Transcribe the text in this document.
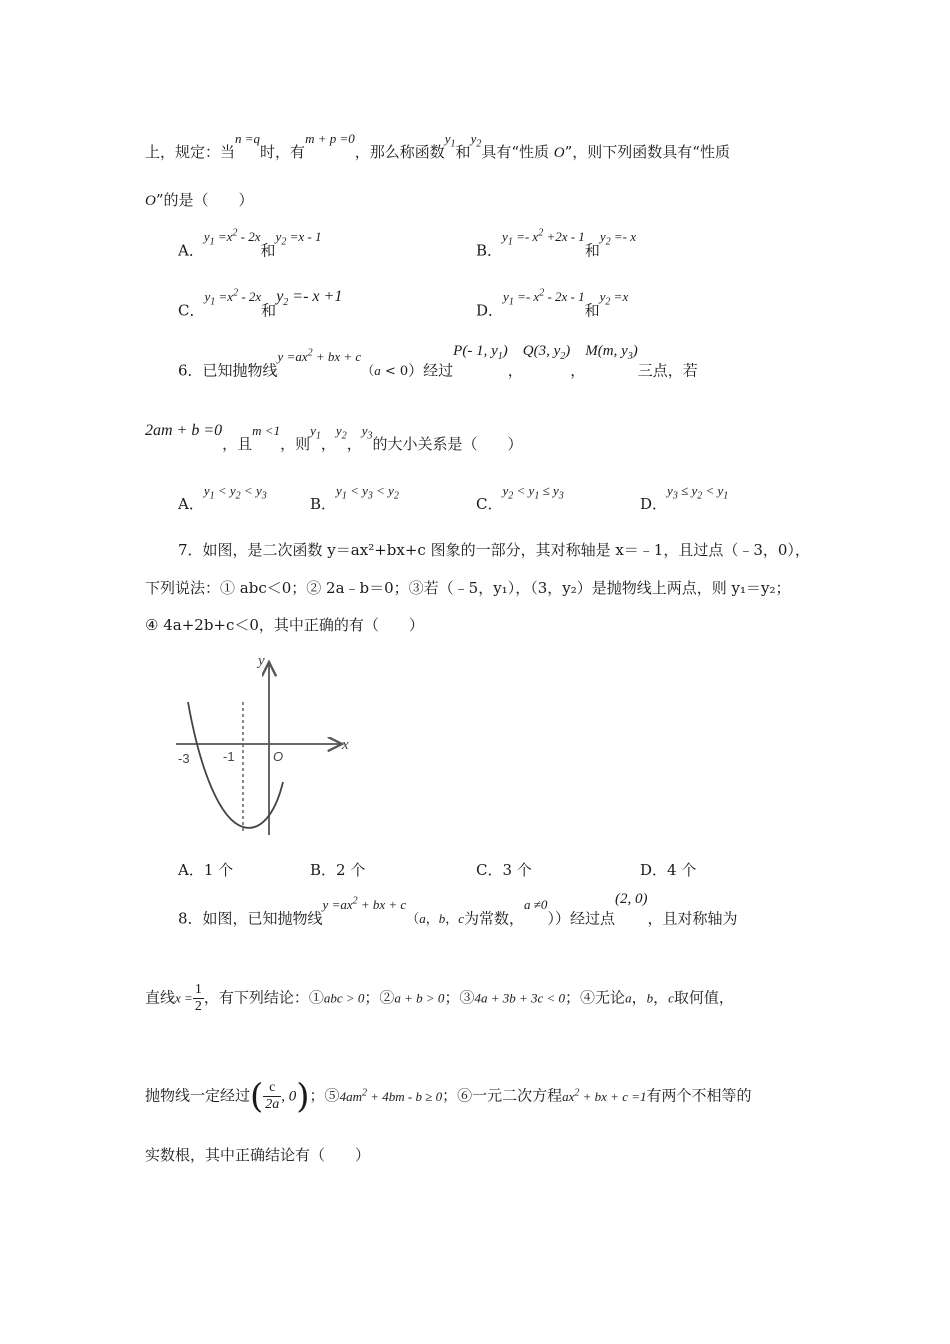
上，规定：当n =q时，有m + p =0，那么称函数$y_1$和$y_2$具有“性质 O”，则下列函数具有“性质
O”的是（　　）
A．$y_1 =x^2 - 2x$和$y_2 =x - 1$
B．$y_1 =- x^2 +2x - 1$和$y_2 =- x$
C．$y_1 =x^2 - 2x$和$y_2 =- x +1$
D．$y_1 =- x^2 - 2x - 1$和$y_2 =x$
6．已知抛物线$y =ax^2$ + bx + c（a < 0）经过P(- 1, $y_1$)，Q(3, $y_2$)，M(m, $y_3$)三点，若
2am + b =0，且m <1，则$y_1$，$y_2$，$y_3$的大小关系是（　　）
A．$y_1 < y_2 < y_3$	B．$y_1 < y_3 < y_2$	C．$y_2 < y_1 \le y_3$	D．$y_3 \le y_2 < y_1$
7．如图，是二次函数 y＝ax²+bx+c 图象的一部分，其对称轴是 x＝﹣1，且过点（﹣3，0），
下列说法：① abc＜0；② 2a﹣b＝0；③若（﹣5，y₁），（3，y₂）是抛物线上两点，则 y₁＝y₂；
④ 4a+2b+c＜0，其中正确的有（　　）
y
x
O
-3	-1
A．1 个	B．2 个	C．3 个	D．4 个
8．如图，已知抛物线$y =ax^2$ + bx + c（a，b，c为常数，a ≠0））经过点(2, 0)，且对称轴为
直线$x = \frac{1}{2}$ ，有下列结论：①abc > 0；②a + b > 0；③4a + 3b + 3c < 0；④无论a，b，c取何值，
抛物线一定经过( $\frac{c}{2a}$ , 0)；$⑤4am^2 + 4bm - b \ge 0$；⑥一元二次方程$ax^2$ + bx + c =1有两个不相等的
实数根，其中正确结论有（　　）
